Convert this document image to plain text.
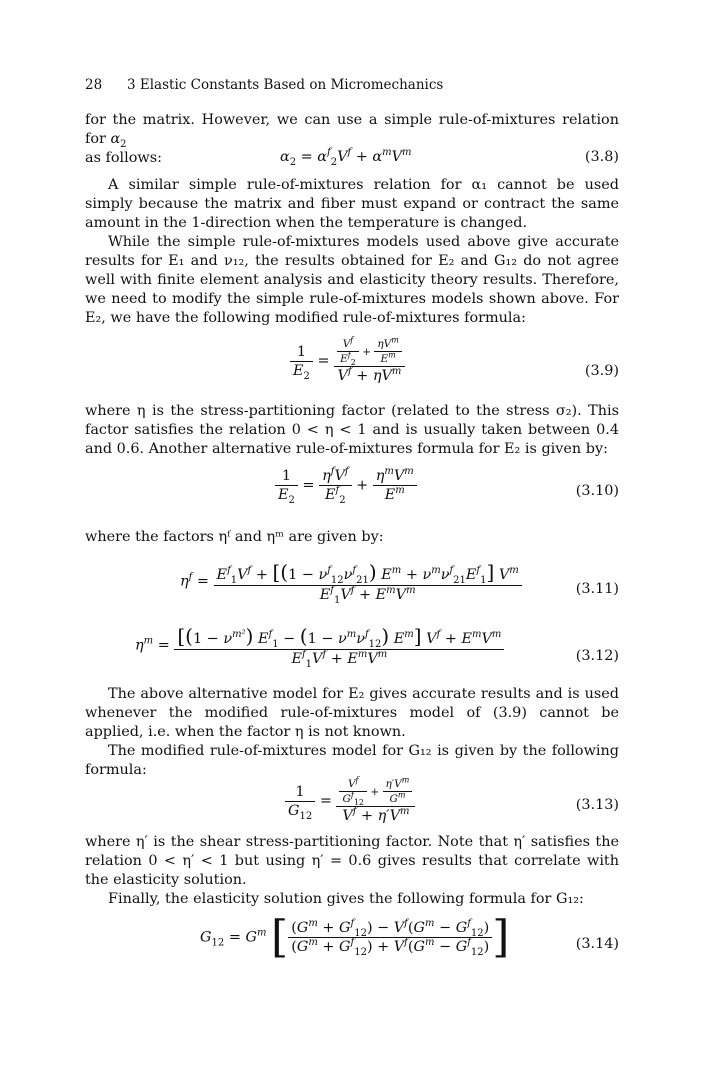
28 3 Elastic Constants Based on Micromechanics

for the matrix. However, we can use a simple rule-of-mixtures relation for $\alpha_2$

as follows:	$\alpha_2 = \alpha^f_2V^f + \alpha^mV^m$	(3.8)
A similar simple rule-of-mixtures relation for α₁ cannot be used simply because the matrix and fiber must expand or contract the same amount in the 1-direction when the temperature is changed.
While the simple rule-of-mixtures models used above give accurate results for E₁ and ν₁₂, the results obtained for E₂ and G₁₂ do not agree well with finite element analysis and elasticity theory results. Therefore, we need to modify the simple rule-of-mixtures models shown above. For E₂, we have the following modified rule-of-mixtures formula:
$\frac{1}{E_2} = \frac{\frac{V^f}{E^f_2} + \frac{\eta V^m}{E^m}}{V^f + \eta V^m}$	(3.9)
where η is the stress-partitioning factor (related to the stress σ₂). This factor satisfies the relation 0 < η < 1 and is usually taken between 0.4 and 0.6. Another alternative rule-of-mixtures formula for E₂ is given by:
$\frac{1}{E_2} = \frac{\eta^fV^f}{E^f_2} + \frac{\eta^mV^m}{E^m}$	(3.10)
where the factors ηᶠ and ηᵐ are given by:
$\eta^f = \frac{E^f_1V^f + [(1 - \nu^f_{12}\nu^f_{21}) E^m + \nu^m\nu^f_{21}E^f_1] V^m}{E^f_1V^f + E^mV^m}$	(3.11)
$\eta^m = \frac{[(1 - \nu^{m^2}) E^f_1 - (1 - \nu^m\nu^f_{12}) E^m] V^f + E^mV^m}{E^f_1V^f + E^mV^m}$	(3.12)
The above alternative model for E₂ gives accurate results and is used whenever the modified rule-of-mixtures model of (3.9) cannot be applied, i.e. when the factor η is not known.
The modified rule-of-mixtures model for G₁₂ is given by the following formula:
$\frac{1}{G_{12}} = \frac{\frac{V^f}{G^f_{12}} + \frac{\eta'V^m}{G^m}}{V^f + \eta'V^m}$	(3.13)
where η′ is the shear stress-partitioning factor. Note that η′ satisfies the relation 0 < η′ < 1 but using η′ = 0.6 gives results that correlate with the elasticity solution.
Finally, the elasticity solution gives the following formula for G₁₂:
$G_{12} = G^m$ [ $\frac{(G^m + G^f_{12}) - V^f(G^m - G^f_{12})}{(G^m + G^f_{12}) + V^f(G^m - G^f_{12})}$ ]	(3.14)
